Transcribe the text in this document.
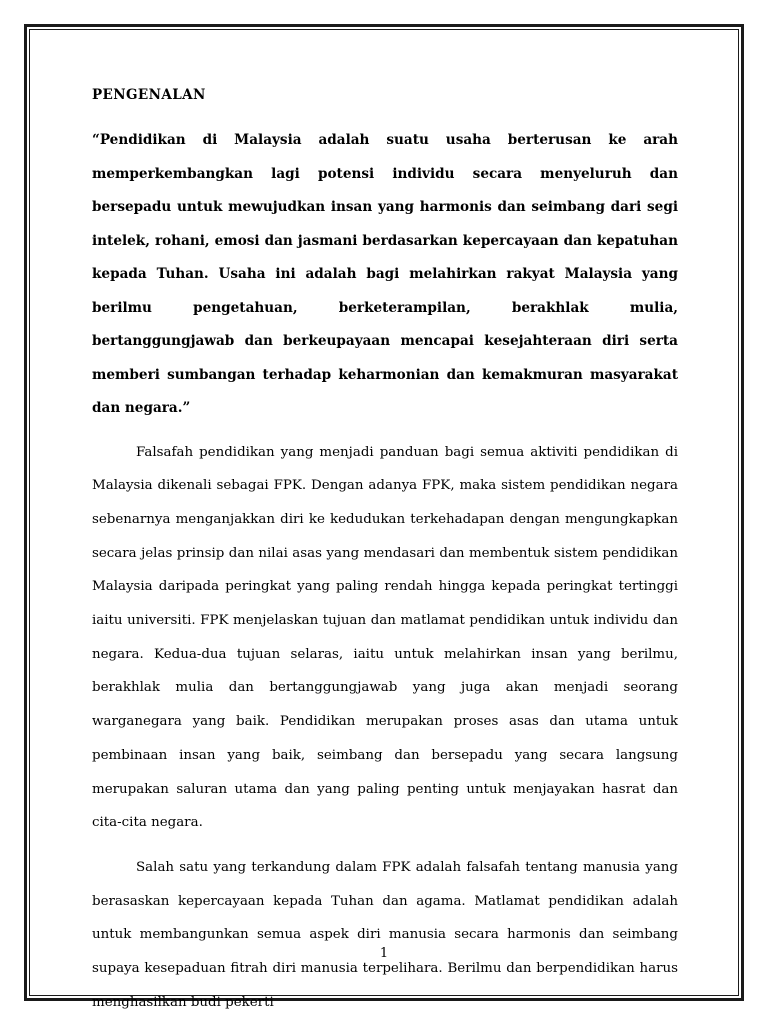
PENGENALAN

“Pendidikan di Malaysia adalah suatu usaha berterusan ke arah memperkembangkan lagi potensi individu secara menyeluruh dan bersepadu untuk mewujudkan insan yang harmonis dan seimbang dari segi intelek, rohani, emosi dan jasmani berdasarkan kepercayaan dan kepatuhan kepada Tuhan. Usaha ini adalah bagi melahirkan rakyat Malaysia yang berilmu pengetahuan, berketerampilan, berakhlak mulia, bertanggungjawab dan berkeupayaan mencapai kesejahteraan diri serta memberi sumbangan terhadap keharmonian dan kemakmuran masyarakat dan negara.”

Falsafah pendidikan yang menjadi panduan bagi semua aktiviti pendidikan di Malaysia dikenali sebagai FPK. Dengan adanya FPK, maka sistem pendidikan negara sebenarnya menganjakkan diri ke kedudukan terkehadapan dengan mengungkapkan secara jelas prinsip dan nilai asas yang mendasari dan membentuk sistem pendidikan Malaysia daripada peringkat yang paling rendah hingga kepada peringkat tertinggi iaitu universiti. FPK menjelaskan tujuan dan matlamat pendidikan untuk individu dan negara. Kedua-dua tujuan selaras, iaitu untuk melahirkan insan yang berilmu, berakhlak mulia dan bertanggungjawab yang juga akan menjadi seorang warganegara yang baik. Pendidikan merupakan proses asas dan utama untuk pembinaan insan yang baik, seimbang dan bersepadu yang secara langsung merupakan saluran utama dan yang paling penting untuk menjayakan hasrat dan cita-cita negara.

Salah satu yang terkandung dalam FPK adalah falsafah tentang manusia yang berasaskan kepercayaan kepada Tuhan dan agama. Matlamat pendidikan adalah untuk membangunkan semua aspek diri manusia secara harmonis dan seimbang supaya kesepaduan fitrah diri manusia terpelihara. Berilmu dan berpendidikan harus menghasilkan budi pekerti

1
